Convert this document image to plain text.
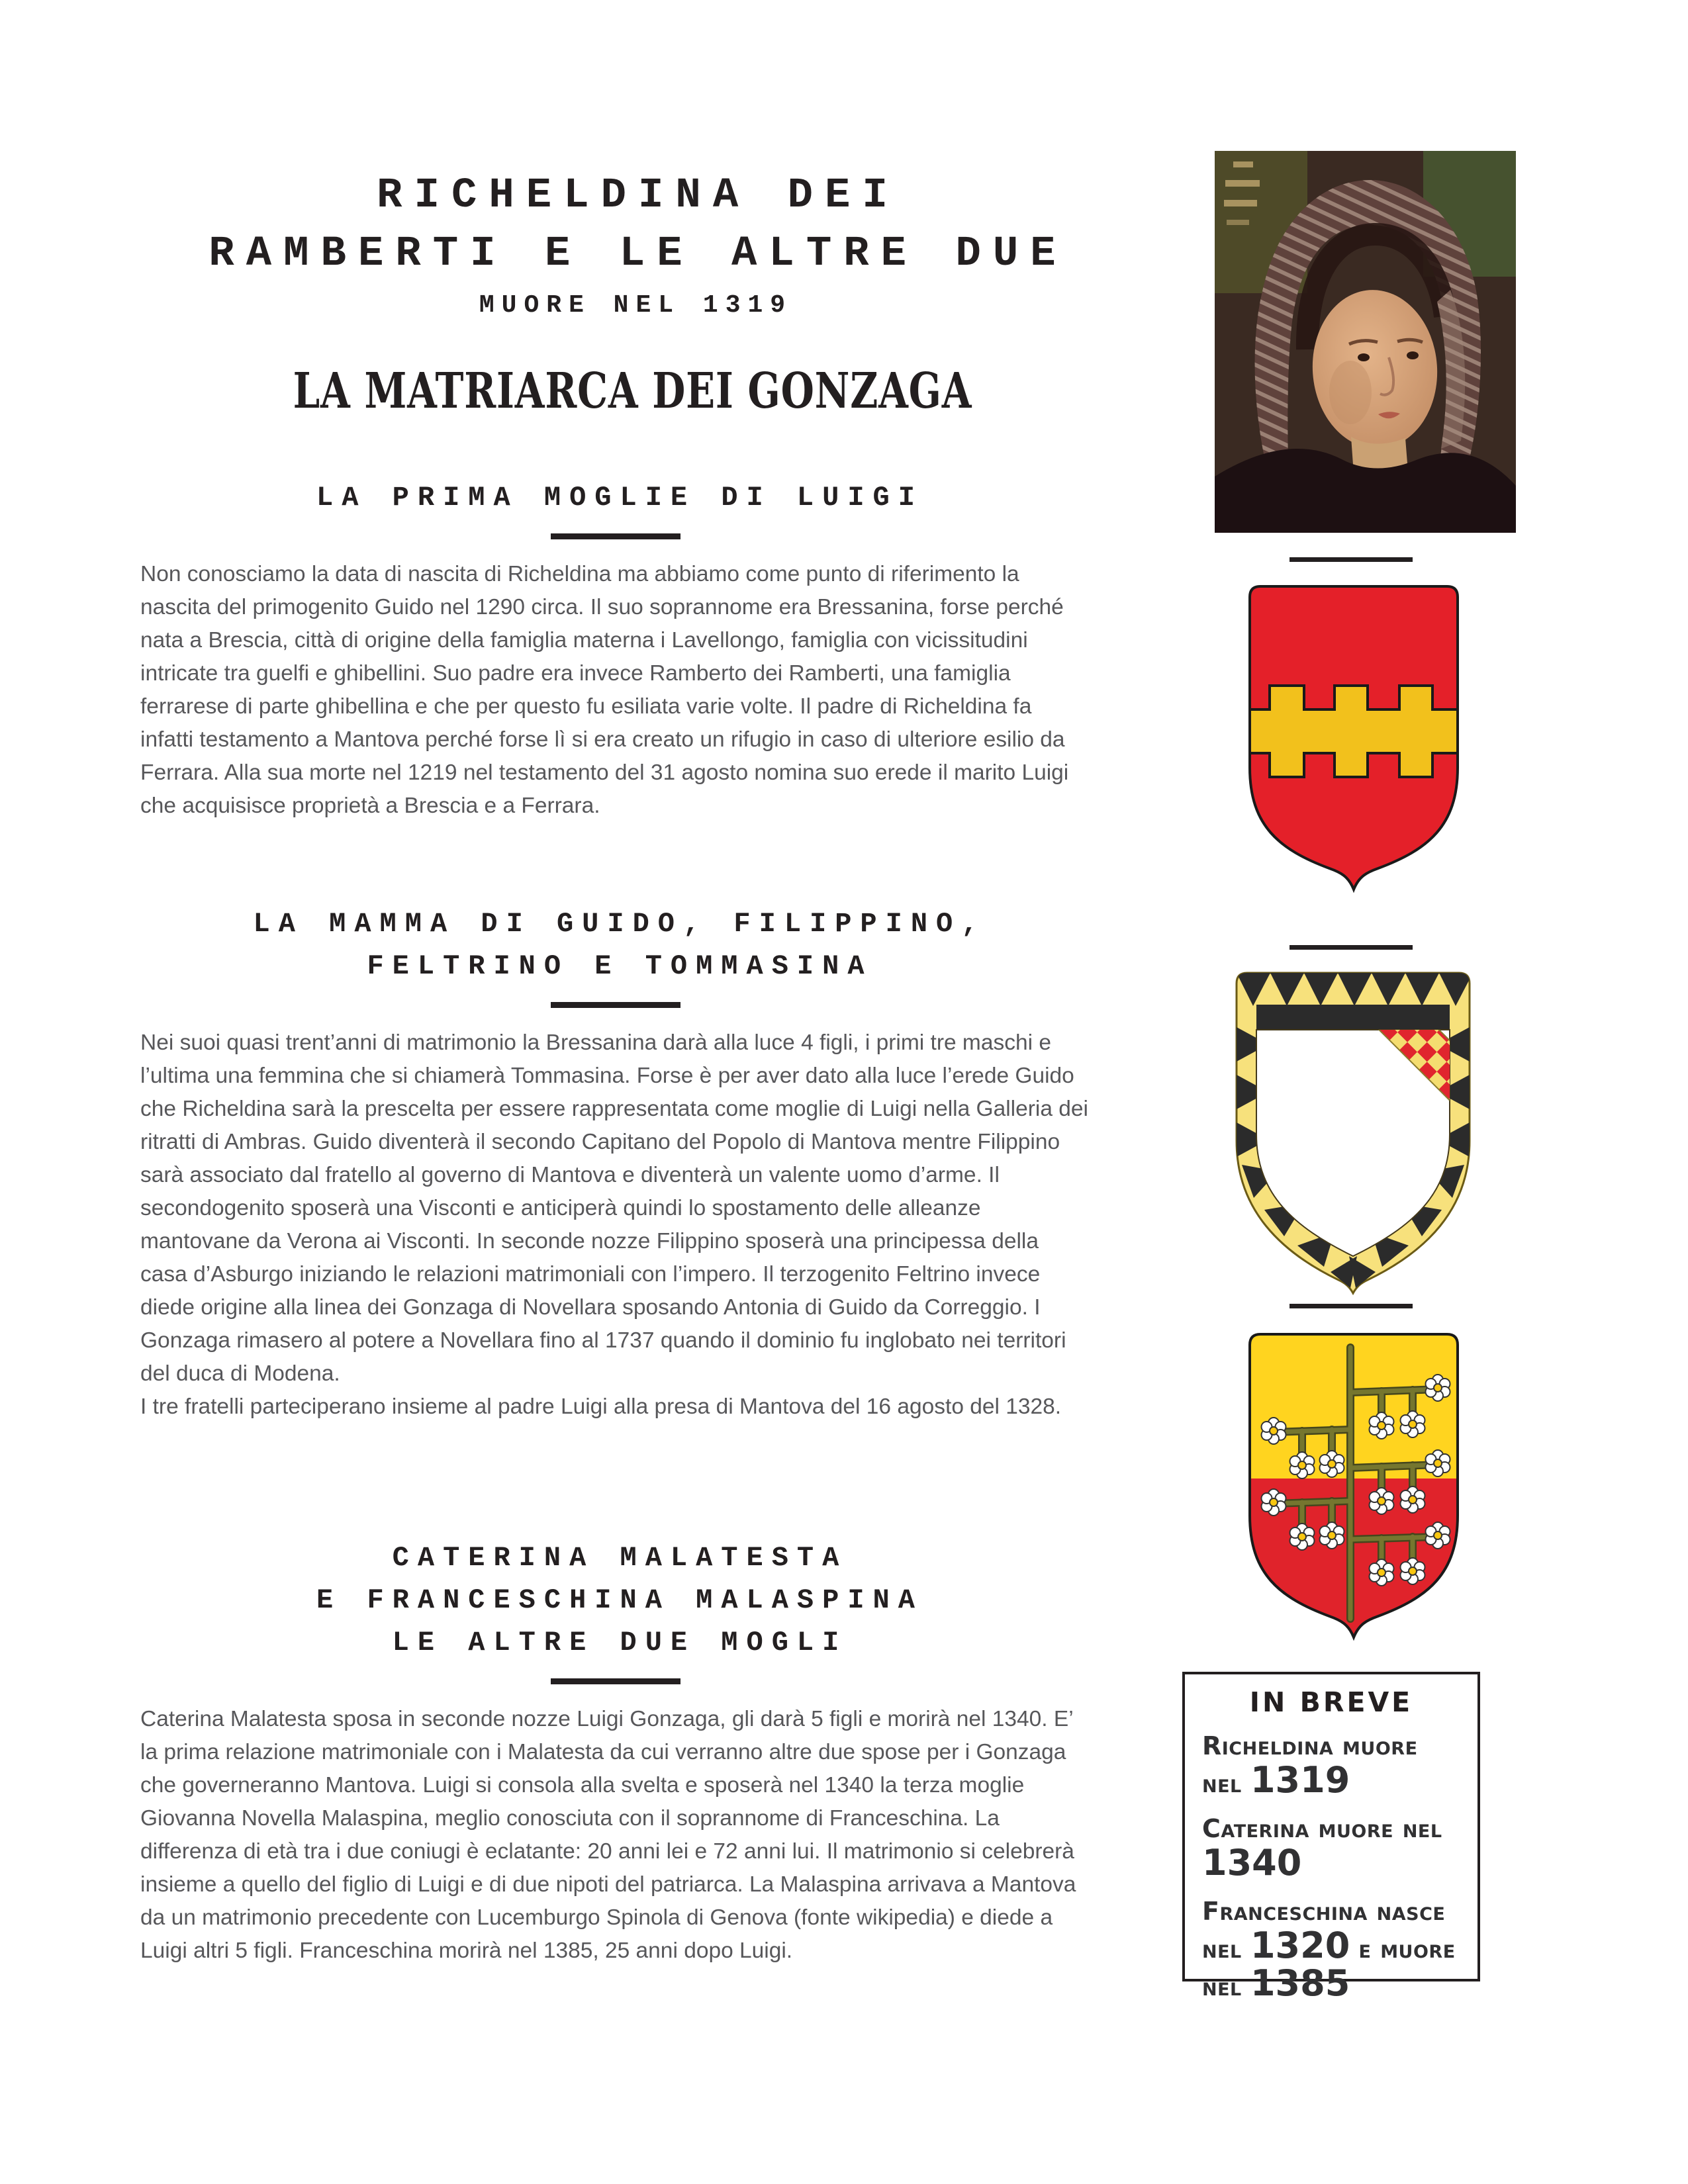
RICHELDINA DEI
RAMBERTI E LE ALTRE DUE
MUORE NEL 1319
LA MATRIARCA DEI GONZAGA
LA PRIMA MOGLIE DI LUIGI

Non conosciamo la data di nascita di Richeldina ma abbiamo come punto di riferimento la nascita del primogenito Guido nel 1290 circa. Il suo soprannome era Bressanina, forse perché nata a Brescia, città di origine della famiglia materna i Lavellongo, famiglia con vicissitudini intricate tra guelfi e ghibellini. Suo padre era invece Ramberto dei Ramberti, una famiglia ferrarese di parte ghibellina e che per questo fu esiliata varie volte. Il padre di Richeldina fa infatti testamento a Mantova perché forse lì si era creato un rifugio in caso di ulteriore esilio da Ferrara. Alla sua morte nel 1219 nel testamento del 31 agosto nomina suo erede il marito Luigi che acquisisce proprietà a Brescia e a Ferrara.

LA MAMMA DI GUIDO, FILIPPINO,
FELTRINO E TOMMASINA

Nei suoi quasi trent’anni di matrimonio la Bressanina darà alla luce 4 figli, i primi tre maschi e l’ultima una femmina che si chiamerà Tommasina. Forse è per aver dato alla luce l’erede Guido che Richeldina sarà la prescelta per essere rappresentata come moglie di Luigi nella Galleria dei ritratti di Ambras. Guido diventerà il secondo Capitano del Popolo di Mantova mentre Filippino sarà associato dal fratello al governo di Mantova e diventerà un valente uomo d’arme. Il secondogenito sposerà una Visconti e anticiperà quindi lo spostamento delle alleanze mantovane da Verona ai Visconti. In seconde nozze Filippino sposerà una principessa della casa d’Asburgo iniziando le relazioni matrimoniali con l’impero. Il terzogenito Feltrino invece diede origine alla linea dei Gonzaga di Novellara sposando Antonia di Guido da Correggio. I Gonzaga rimasero al potere a Novellara fino al 1737 quando il dominio fu inglobato nei territori del duca di Modena.

I tre fratelli parteciperano insieme al padre Luigi alla presa di Mantova del 16 agosto del 1328.

CATERINA MALATESTA
E FRANCESCHINA MALASPINA
LE ALTRE DUE MOGLI

Caterina Malatesta sposa in seconde nozze Luigi Gonzaga, gli darà 5 figli e morirà nel 1340. E’ la prima relazione matrimoniale con i Malatesta da cui verranno altre due spose per i Gonzaga che governeranno Mantova. Luigi si consola alla svelta e sposerà nel 1340 la terza moglie Giovanna Novella Malaspina, meglio conosciuta con il soprannome di Franceschina. La differenza di età tra i due coniugi è eclatante: 20 anni lei e 72 anni lui. Il matrimonio si celebrerà insieme a quello del figlio di Luigi e di due nipoti del patriarca. La Malaspina arrivava a Mantova da un matrimonio precedente con Lucemburgo Spinola di Genova (fonte wikipedia) e diede a Luigi altri 5 figli. Franceschina morirà nel 1385, 25 anni dopo Luigi.

IN BREVE

Richeldina muore nel 1319

Caterina muore nel 1340

Franceschina nasce nel 1320 e muore nel 1385
